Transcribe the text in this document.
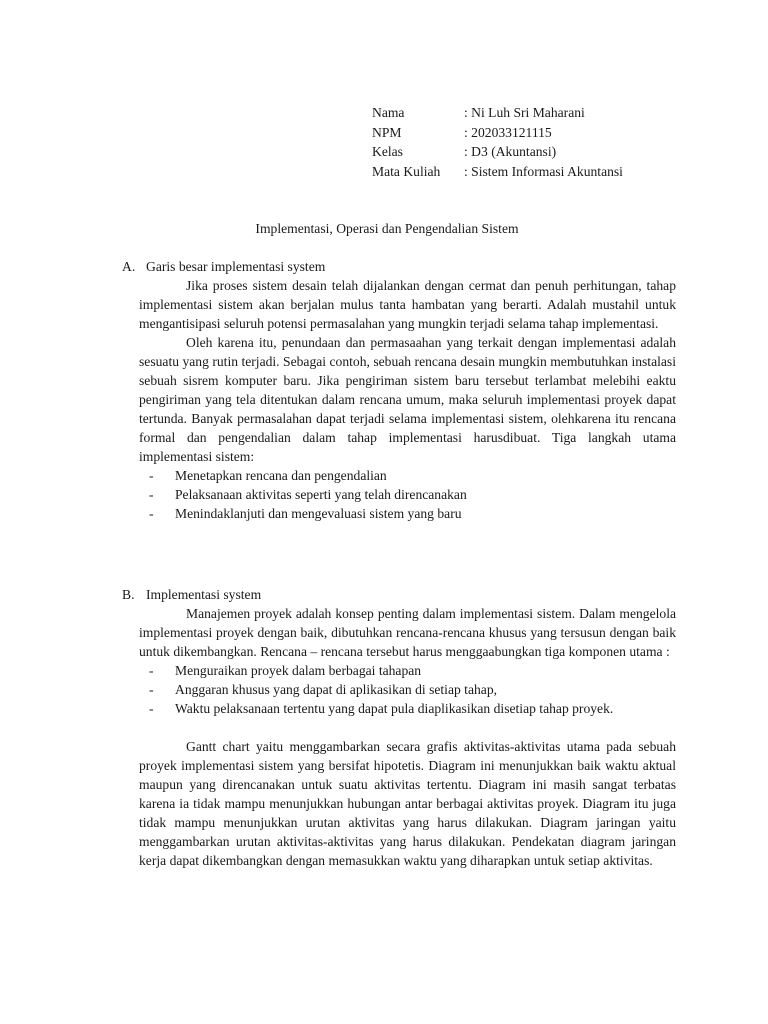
Nama	: Ni Luh Sri Maharani
NPM	: 202033121115
Kelas	: D3 (Akuntansi)
Mata Kuliah	: Sistem Informasi Akuntansi
Implementasi, Operasi dan Pengendalian Sistem
A. Garis besar implementasi system

Jika proses sistem desain telah dijalankan dengan cermat dan penuh perhitungan, tahap implementasi sistem akan berjalan mulus tanta hambatan yang berarti. Adalah mustahil untuk mengantisipasi seluruh potensi permasalahan yang mungkin terjadi selama tahap implementasi.

Oleh karena itu, penundaan dan permasaahan yang terkait dengan implementasi adalah sesuatu yang rutin terjadi. Sebagai contoh, sebuah rencana desain mungkin membutuhkan instalasi sebuah sisrem komputer baru. Jika pengiriman sistem baru tersebut terlambat melebihi eaktu pengiriman yang tela ditentukan dalam rencana umum, maka seluruh implementasi proyek dapat tertunda. Banyak permasalahan dapat terjadi selama implementasi sistem, olehkarena itu rencana formal dan pengendalian dalam tahap implementasi harusdibuat. Tiga langkah utama implementasi sistem:

- Menetapkan rencana dan pengendalian
- Pelaksanaan aktivitas seperti yang telah direncanakan
- Menindaklanjuti dan mengevaluasi sistem yang baru
B. Implementasi system

Manajemen proyek adalah konsep penting dalam implementasi sistem. Dalam mengelola implementasi proyek dengan baik, dibutuhkan rencana-rencana khusus yang tersusun dengan baik untuk dikembangkan. Rencana – rencana tersebut harus menggaabungkan tiga komponen utama :

- Menguraikan proyek dalam berbagai tahapan
- Anggaran khusus yang dapat di aplikasikan di setiap tahap,
- Waktu pelaksanaan tertentu yang dapat pula diaplikasikan disetiap tahap proyek.

Gantt chart yaitu menggambarkan secara grafis aktivitas-aktivitas utama pada sebuah proyek implementasi sistem yang bersifat hipotetis. Diagram ini menunjukkan baik waktu aktual maupun yang direncanakan untuk suatu aktivitas tertentu. Diagram ini masih sangat terbatas karena ia tidak mampu menunjukkan hubungan antar berbagai aktivitas proyek. Diagram itu juga tidak mampu menunjukkan urutan aktivitas yang harus dilakukan. Diagram jaringan yaitu menggambarkan urutan aktivitas-aktivitas yang harus dilakukan. Pendekatan diagram jaringan kerja dapat dikembangkan dengan memasukkan waktu yang diharapkan untuk setiap aktivitas.
